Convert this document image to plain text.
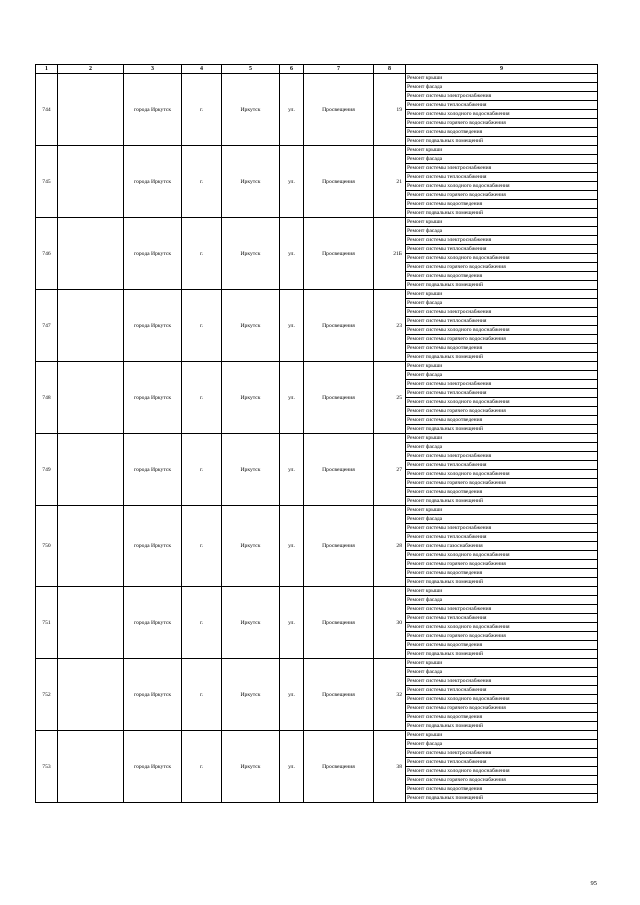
1	2	3	4	5	6	7	8	9
744		города Иркутск	г.	Иркутск	ул.	Просвещения	19	Ремонт крыши
								Ремонт фасада
								Ремонт системы электроснабжения
								Ремонт системы теплоснабжения
								Ремонт системы холодного водоснабжения
								Ремонт системы горячего водоснабжения
								Ремонт системы водоотведения
								Ремонт подвальных помещений
745		города Иркутск	г.	Иркутск	ул.	Просвещения	21	Ремонт крыши
								Ремонт фасада
								Ремонт системы электроснабжения
								Ремонт системы теплоснабжения
								Ремонт системы холодного водоснабжения
								Ремонт системы горячего водоснабжения
								Ремонт системы водоотведения
								Ремонт подвальных помещений
746		города Иркутск	г.	Иркутск	ул.	Просвещения	21Б	Ремонт крыши
								Ремонт фасада
								Ремонт системы электроснабжения
								Ремонт системы теплоснабжения
								Ремонт системы холодного водоснабжения
								Ремонт системы горячего водоснабжения
								Ремонт системы водоотведения
								Ремонт подвальных помещений
747		города Иркутск	г.	Иркутск	ул.	Просвещения	23	Ремонт крыши
								Ремонт фасада
								Ремонт системы электроснабжения
								Ремонт системы теплоснабжения
								Ремонт системы холодного водоснабжения
								Ремонт системы горячего водоснабжения
								Ремонт системы водоотведения
								Ремонт подвальных помещений
748		города Иркутск	г.	Иркутск	ул.	Просвещения	25	Ремонт крыши
								Ремонт фасада
								Ремонт системы электроснабжения
								Ремонт системы теплоснабжения
								Ремонт системы холодного водоснабжения
								Ремонт системы горячего водоснабжения
								Ремонт системы водоотведения
								Ремонт подвальных помещений
749		города Иркутск	г.	Иркутск	ул.	Просвещения	27	Ремонт крыши
								Ремонт фасада
								Ремонт системы электроснабжения
								Ремонт системы теплоснабжения
								Ремонт системы холодного водоснабжения
								Ремонт системы горячего водоснабжения
								Ремонт системы водоотведения
								Ремонт подвальных помещений
750		города Иркутск	г.	Иркутск	ул.	Просвещения	28	Ремонт крыши
								Ремонт фасада
								Ремонт системы электроснабжения
								Ремонт системы теплоснабжения
								Ремонт системы газоснабжения
								Ремонт системы холодного водоснабжения
								Ремонт системы горячего водоснабжения
								Ремонт системы водоотведения
								Ремонт подвальных помещений
751		города Иркутск	г.	Иркутск	ул.	Просвещения	30	Ремонт крыши
								Ремонт фасада
								Ремонт системы электроснабжения
								Ремонт системы теплоснабжения
								Ремонт системы холодного водоснабжения
								Ремонт системы горячего водоснабжения
								Ремонт системы водоотведения
								Ремонт подвальных помещений
752		города Иркутск	г.	Иркутск	ул.	Просвещения	32	Ремонт крыши
								Ремонт фасада
								Ремонт системы электроснабжения
								Ремонт системы теплоснабжения
								Ремонт системы холодного водоснабжения
								Ремонт системы горячего водоснабжения
								Ремонт системы водоотведения
								Ремонт подвальных помещений
753		города Иркутск	г.	Иркутск	ул.	Просвещения	38	Ремонт крыши
								Ремонт фасада
								Ремонт системы электроснабжения
								Ремонт системы теплоснабжения
								Ремонт системы холодного водоснабжения
								Ремонт системы горячего водоснабжения
								Ремонт системы водоотведения
								Ремонт подвальных помещений
95
